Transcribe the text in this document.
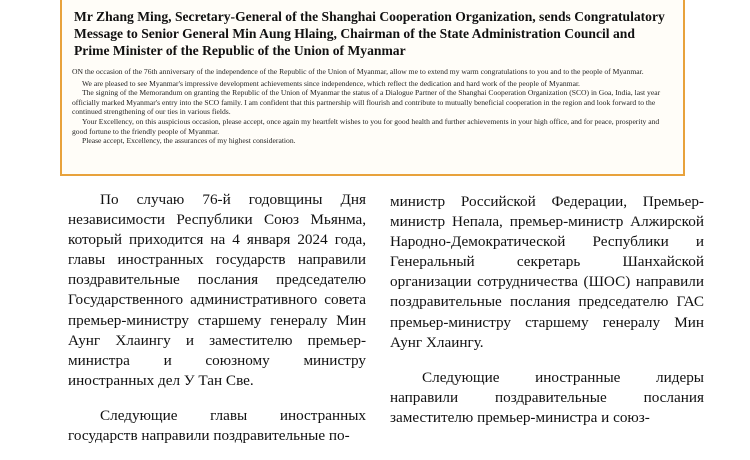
Mr Zhang Ming, Secretary-General of the Shanghai Cooperation Organization, sends Congratulatory Message to Senior General Min Aung Hlaing, Chairman of the State Administration Council and Prime Minister of the Republic of the Union of Myanmar

ON the occasion of the 76th anniversary of the independence of the Republic of the Union of Myanmar, allow me to extend my warm congratulations to you and to the people of Myanmar.

We are pleased to see Myanmar's impressive development achievements since independence, which reflect the dedication and hard work of the people of Myanmar.

The signing of the Memorandum on granting the Republic of the Union of Myanmar the status of a Dialogue Partner of the Shanghai Cooperation Organization (SCO) in Goa, India, last year officially marked Myanmar's entry into the SCO family. I am confident that this partnership will flourish and contribute to mutually beneficial cooperation in the region and look forward to the continued strengthening of our ties in various fields.

Your Excellency, on this auspicious occasion, please accept, once again my heartfelt wishes to you for good health and further achievements in your high office, and for peace, prosperity and good fortune to the friendly people of Myanmar.

Please accept, Excellency, the assurances of my highest consideration.

По случаю 76-й годовщины Дня независимости Республики Союз Мьянма, который приходится на 4 января 2024 года, главы иностранных государств направили поздравительные послания председателю Государственного административного совета премьер-министру старшему генералу Мин Аунг Хлаингу и заместителю премьер-министра и союзному министру иностранных дел У Тан Све.

Следующие главы иностранных государств направили поздравительные по-

министр Российской Федерации, Премьер-министр Непала, премьер-министр Алжирской Народно-Демократической Республики и Генеральный секретарь Шанхайской организации сотрудничества (ШОС) направили поздравительные послания председателю ГАС премьер-министру старшему генералу Мин Аунг Хлаингу.

Следующие иностранные лидеры направили поздравительные послания заместителю премьер-министра и союз-
